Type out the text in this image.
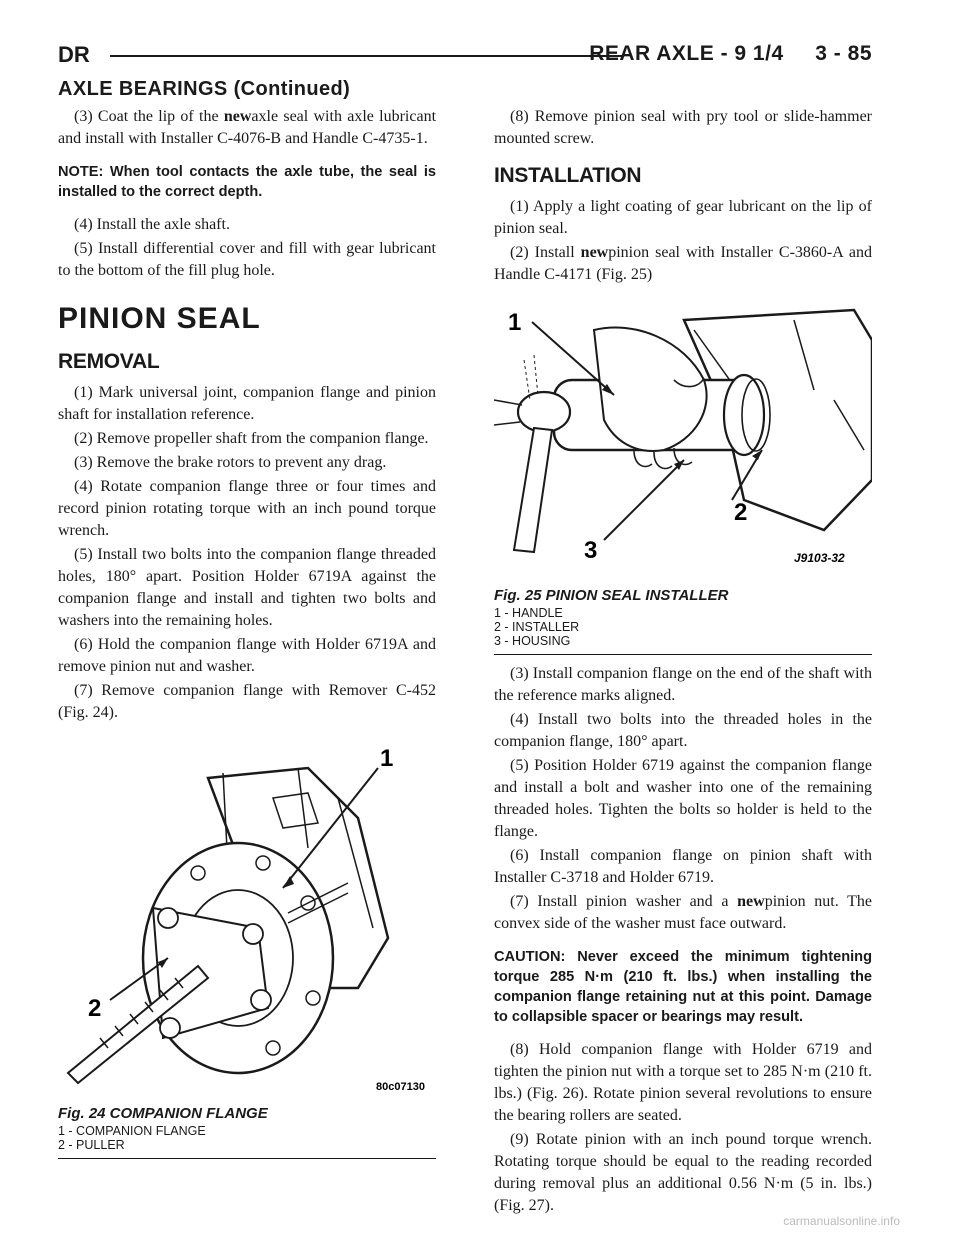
DR	REAR AXLE - 9 1/4     3 - 85
AXLE BEARINGS (Continued)

(3) Coat the lip of the newaxle seal with axle lubricant and install with Installer C-4076-B and Handle C-4735-1.

NOTE: When tool contacts the axle tube, the seal is installed to the correct depth.

(4) Install the axle shaft.

(5) Install differential cover and fill with gear lubricant to the bottom of the fill plug hole.

PINION SEAL
REMOVAL

(1) Mark universal joint, companion flange and pinion shaft for installation reference.

(2) Remove propeller shaft from the companion flange.

(3) Remove the brake rotors to prevent any drag.

(4) Rotate companion flange three or four times and record pinion rotating torque with an inch pound torque wrench.

(5) Install two bolts into the companion flange threaded holes, 180° apart. Position Holder 6719A against the companion flange and install and tighten two bolts and washers into the remaining holes.

(6) Hold the companion flange with Holder 6719A and remove pinion nut and washer.

(7) Remove companion flange with Remover C-452 (Fig. 24).

1
2
80c07130
Fig. 24 COMPANION FLANGE
1 - COMPANION FLANGE
2 - PULLER

(8) Remove pinion seal with pry tool or slide-hammer mounted screw.

INSTALLATION

(1) Apply a light coating of gear lubricant on the lip of pinion seal.

(2) Install newpinion seal with Installer C-3860-A and Handle C-4171 (Fig. 25)

1
2
3	J9103-32
Fig. 25 PINION SEAL INSTALLER
1 - HANDLE
2 - INSTALLER
3 - HOUSING

(3) Install companion flange on the end of the shaft with the reference marks aligned.

(4) Install two bolts into the threaded holes in the companion flange, 180° apart.

(5) Position Holder 6719 against the companion flange and install a bolt and washer into one of the remaining threaded holes. Tighten the bolts so holder is held to the flange.

(6) Install companion flange on pinion shaft with Installer C-3718 and Holder 6719.

(7) Install pinion washer and a newpinion nut. The convex side of the washer must face outward.

CAUTION: Never exceed the minimum tightening torque 285 N·m (210 ft. lbs.) when installing the companion flange retaining nut at this point. Damage to collapsible spacer or bearings may result.

(8) Hold companion flange with Holder 6719 and tighten the pinion nut with a torque set to 285 N·m (210 ft. lbs.) (Fig. 26). Rotate pinion several revolutions to ensure the bearing rollers are seated.

(9) Rotate pinion with an inch pound torque wrench. Rotating torque should be equal to the reading recorded during removal plus an additional 0.56 N·m (5 in. lbs.) (Fig. 27).

carmanualsonline.info
